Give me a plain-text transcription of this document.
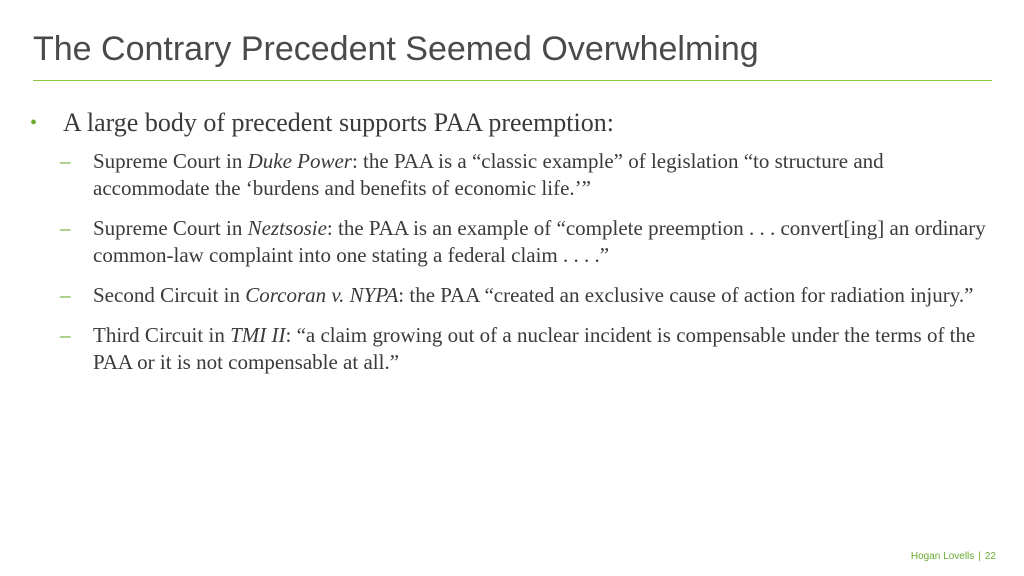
The Contrary Precedent Seemed Overwhelming
• A large body of precedent supports PAA preemption:
– Supreme Court in Duke Power: the PAA is a “classic example” of legislation “to structure and accommodate the ‘burdens and benefits of economic life.’”
– Supreme Court in Neztsosie: the PAA is an example of “complete preemption . . . convert[ing] an ordinary common-law complaint into one stating a federal claim . . . .”
– Second Circuit in Corcoran v. NYPA: the PAA “created an exclusive cause of action for radiation injury.”
– Third Circuit in TMI II: “a claim growing out of a nuclear incident is compensable under the terms of the PAA or it is not compensable at all.”
Hogan Lovells | 22
